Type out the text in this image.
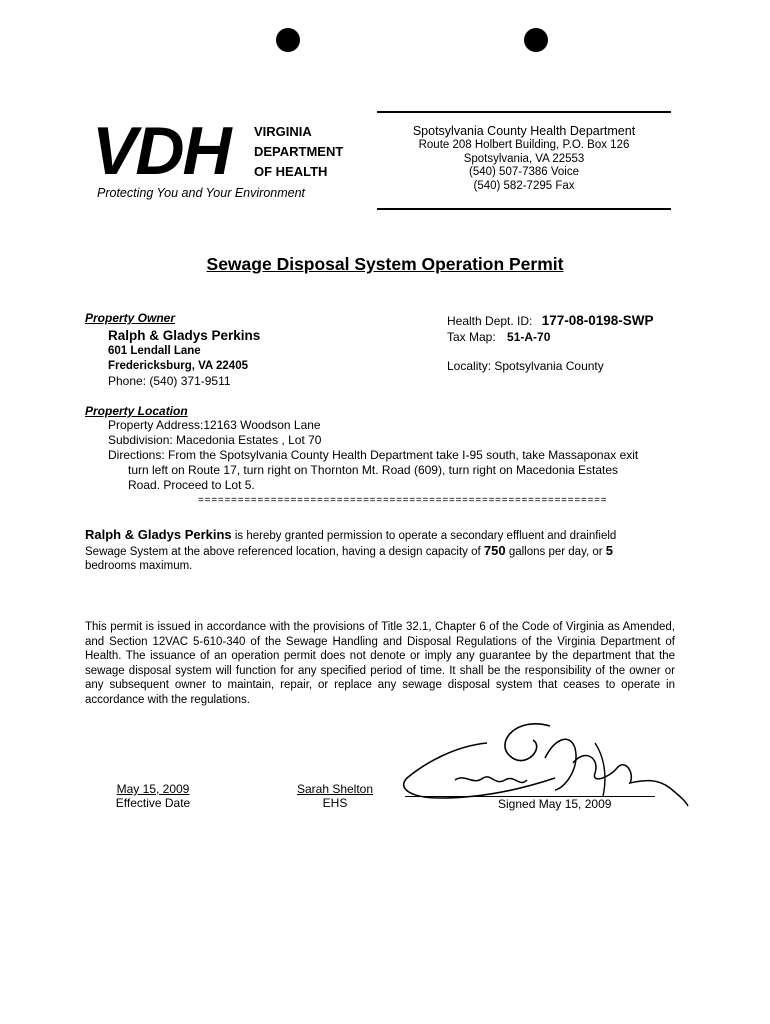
VDH VIRGINIA
DEPARTMENT
OF HEALTH
Protecting You and Your Environment
Spotsylvania County Health Department
Route 208 Holbert Building, P.O. Box 126
Spotsylvania, VA 22553
(540) 507-7386 Voice
(540) 582-7295 Fax
Sewage Disposal System Operation Permit
Property Owner
Ralph & Gladys Perkins
601 Lendall Lane
Fredericksburg, VA 22405
Phone: (540) 371-9511
Health Dept. ID: 177-08-0198-SWP
Tax Map: 51-A-70
Locality: Spotsylvania County
Property Location
Property Address:12163 Woodson Lane
Subdivision: Macedonia Estates , Lot 70
Directions: From the Spotsylvania County Health Department take I-95 south, take Massaponax exit
turn left on Route 17, turn right on Thornton Mt. Road (609), turn right on Macedonia Estates
Road. Proceed to Lot 5.
==============================================================
Ralph & Gladys Perkins is hereby granted permission to operate a secondary effluent and drainfield
Sewage System at the above referenced location, having a design capacity of 750 gallons per day, or 5
bedrooms maximum.
This permit is issued in accordance with the provisions of Title 32.1, Chapter 6 of the Code of Virginia as Amended, and Section 12VAC 5-610-340 of the Sewage Handling and Disposal Regulations of the Virginia Department of Health. The issuance of an operation permit does not denote or imply any guarantee by the department that the sewage disposal system will function for any specified period of time. It shall be the responsibility of the owner or any subsequent owner to maintain, repair, or replace any sewage disposal system that ceases to operate in accordance with the regulations.
May 15, 2009
Effective Date
Sarah Shelton
EHS	Signed May 15, 2009
